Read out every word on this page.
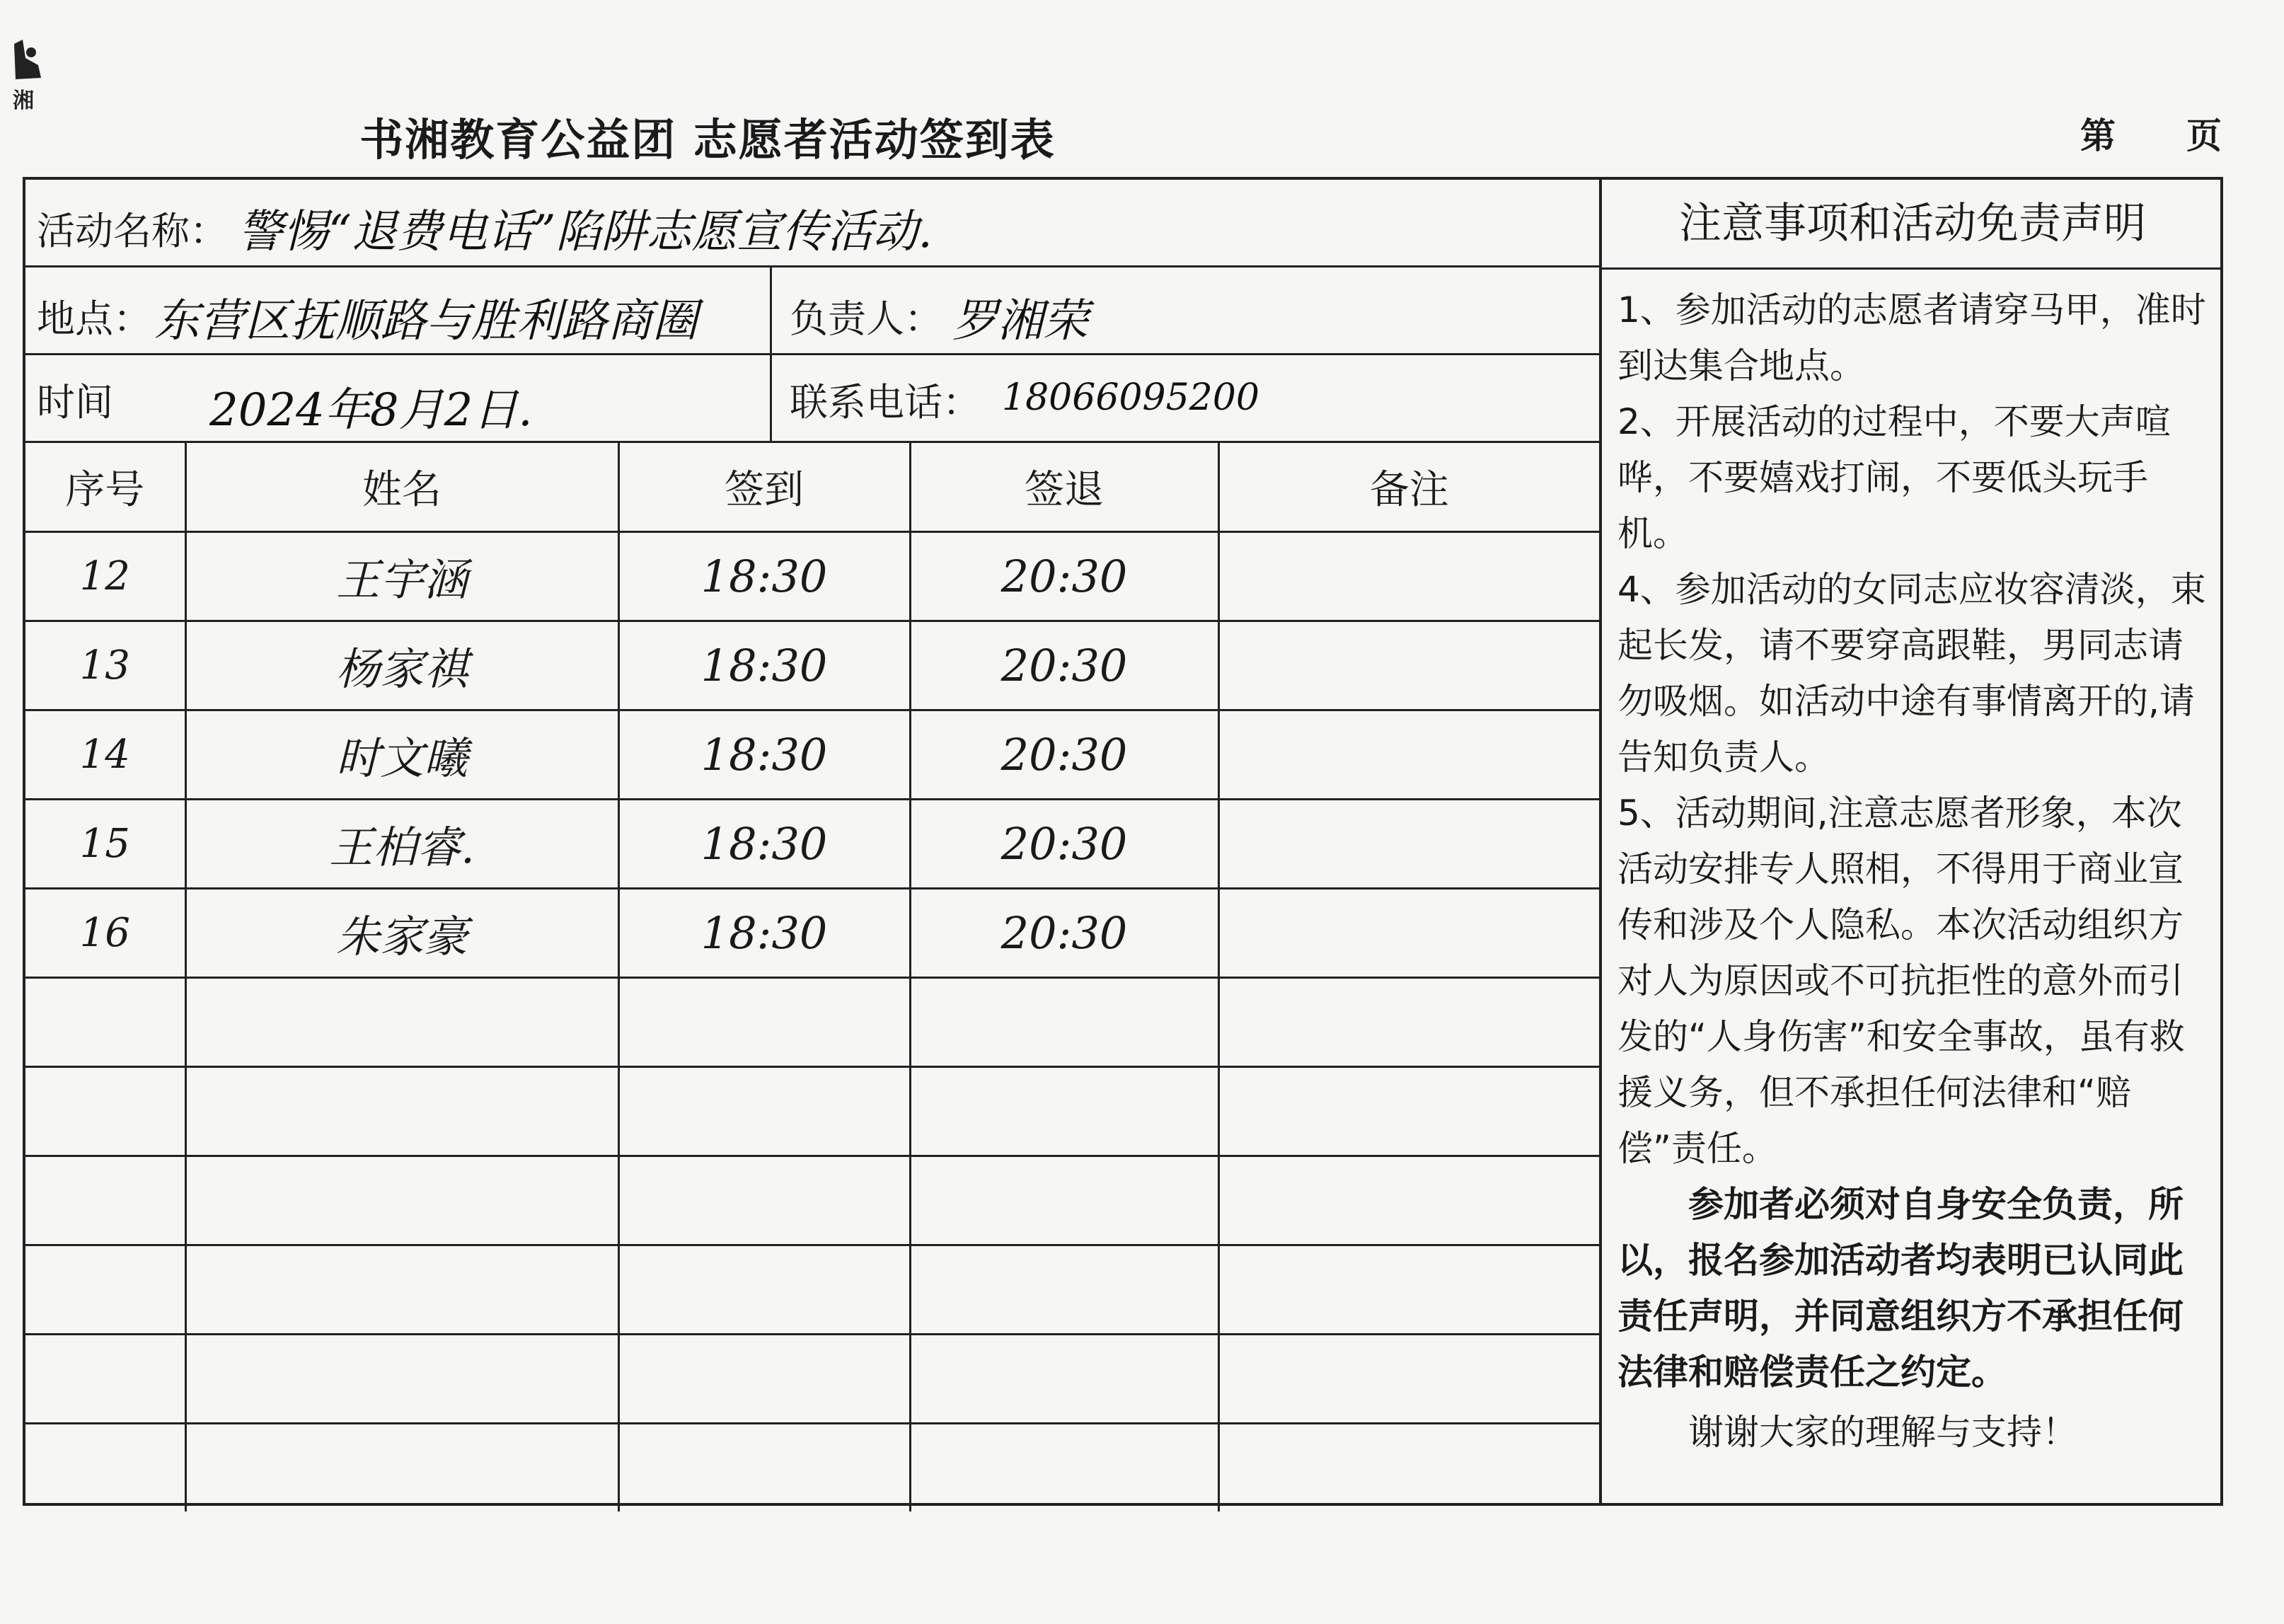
湘
书湘教育公益团 志愿者活动签到表	第 页
活动名称： 警惕“退费电话”陷阱志愿宣传活动.
地点： 东营区抚顺路与胜利路商圈 负责人： 罗湘荣
时间 2024年8月2日.	联系电话： 18066095200
序号	姓名	签到	签退	备注
12	王宇涵	18:30	20:30	
13	杨家祺	18:30	20:30	
14	时文曦	18:30	20:30	
15	王柏睿.	18:30	20:30	
16	朱家豪	18:30	20:30	

注意事项和活动免责声明

1、参加活动的志愿者请穿马甲，准时到达集合地点。

2、开展活动的过程中，不要大声喧哗，不要嬉戏打闹，不要低头玩手机。

4、参加活动的女同志应妆容清淡，束起长发，请不要穿高跟鞋，男同志请勿吸烟。如活动中途有事情离开的,请告知负责人。

5、活动期间,注意志愿者形象，本次活动安排专人照相，不得用于商业宣传和涉及个人隐私。本次活动组织方对人为原因或不可抗拒性的意外而引发的“人身伤害”和安全事故，虽有救援义务，但不承担任何法律和“赔偿”责任。

参加者必须对自身安全负责，所以，报名参加活动者均表明已认同此责任声明，并同意组织方不承担任何法律和赔偿责任之约定。

谢谢大家的理解与支持！
